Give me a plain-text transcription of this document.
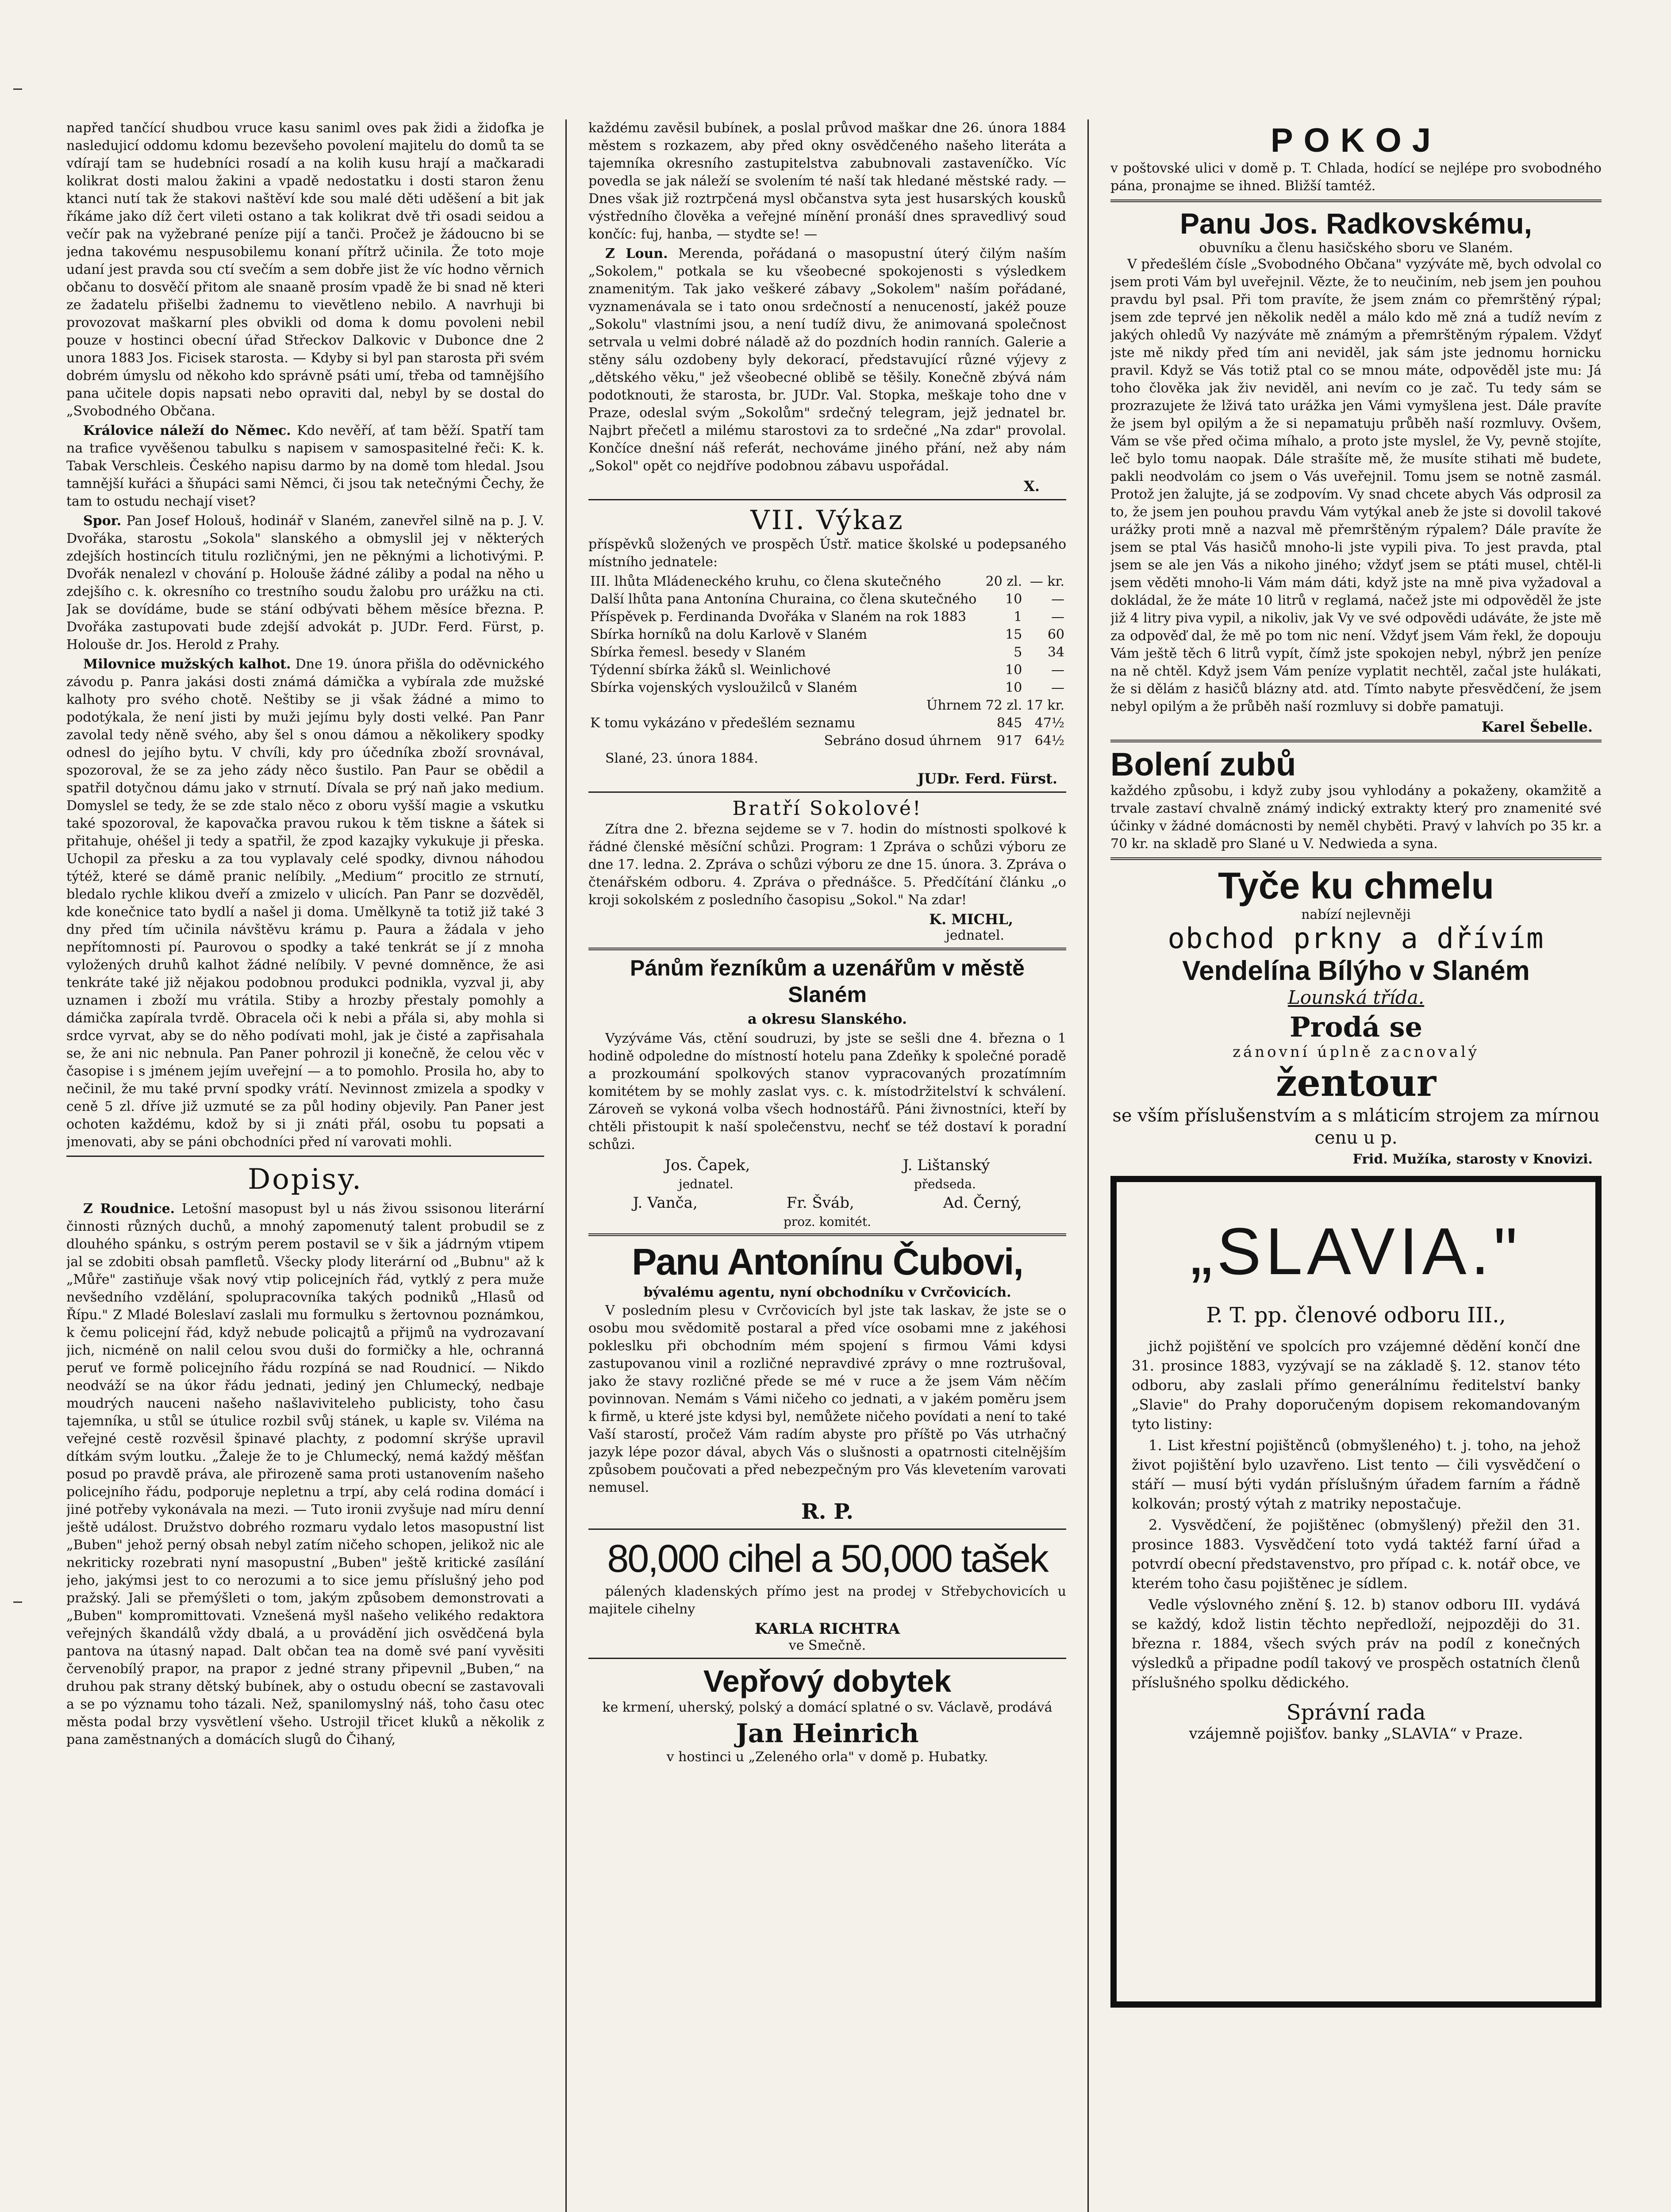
napřed tančící shudbou vruce kasu saniml oves pak židi a židofka je nasledujicí oddomu kdomu bezevšeho povolení majitelu do domů ta se vdírají tam se hudebníci rosadí a na kolih kusu hrají a mačkaradi kolikrat dosti malou žakini a vpadě nedostatku i dosti staron ženu ktanci nutí tak že stakovi naštěví kde sou malé děti uděšení a bit jak říkáme jako díž čert vileti ostano a tak kolikrat dvě tři osadi seidou a večír pak na vyžebrané peníze pijí a tanči. Pročež je žádoucno bi se jedna takovému nespusobilemu konaní přítrž učinila. Že toto moje udaní jest pravda sou ctí svečím a sem dobře jist že víc hodno věrnich občanu to dosvěčí přitom ale snaaně prosím vpadě že bi snad ně kteri ze žadatelu přišelbi žadnemu to vievětleno nebilo. A navrhuji bi provozovat maškarní ples obvikli od doma k domu povoleni nebil pouze v hostinci obecní úřad Střeckov Dalkovic v Dubonce dne 2 unora 1883 Jos. Ficisek starosta. — Kdyby si byl pan starosta při svém dobrém úmyslu od někoho kdo správně psáti umí, třeba od tamnějšího pana učitele dopis napsati nebo opraviti dal, nebyl by se dostal do „Svobodného Občana.

Královice náleží do Němec. Kdo nevěří, ať tam běží. Spatří tam na trafice vyvěšenou tabulku s napisem v samospasitelné řeči: K. k. Tabak Verschleis. Českého napisu darmo by na domě tom hledal. Jsou tamnější kuřáci a šňupáci sami Němci, či jsou tak netečnými Čechy, že tam to ostudu nechají viset?

Spor. Pan Josef Holouš, hodinář v Slaném, zanevřel silně na p. J. V. Dvořáka, starostu „Sokola" slanského a obmyslil jej v některých zdejších hostincích titulu rozličnými, jen ne pěknými a lichotivými. P. Dvořák nenalezl v chování p. Holouše žádné záliby a podal na něho u zdejšího c. k. okresního co trestního soudu žalobu pro urážku na cti. Jak se dovídáme, bude se stání odbývati během měsíce března. P. Dvořáka zastupovati bude zdejší advokát p. JUDr. Ferd. Fürst, p. Holouše dr. Jos. Herold z Prahy.

Milovnice mužských kalhot. Dne 19. února přišla do oděvnického závodu p. Panra jakási dosti známá dámička a vybírala zde mužské kalhoty pro svého chotě. Neštiby se ji však žádné a mimo to podotýkala, že není jisti by muži jejímu byly dosti velké. Pan Panr zavolal tedy něně svého, aby šel s onou dámou a několikery spodky odnesl do jejího bytu. V chvíli, kdy pro účedníka zboží srovnával, spozoroval, že se za jeho zády něco šustilo. Pan Paur se obědil a spatřil dotyčnou dámu jako v strnutí. Dívala se prý naň jako medium. Domyslel se tedy, že se zde stalo něco z oboru vyšší magie a vskutku také spozoroval, že kapovačka pravou rukou k těm tiskne a šátek si přitahuje, ohéšel ji tedy a spatřil, že zpod kazajky vykukuje ji přeska. Uchopil za přesku a za tou vyplavaly celé spodky, divnou náhodou týtéž, které se dámě pranic nelíbily. „Medium“ procitlo ze strnutí, bledalo rychle klikou dveří a zmizelo v ulicích. Pan Panr se dozvěděl, kde konečnice tato bydlí a našel ji doma. Umělkyně ta totiž již také 3 dny před tím učinila návštěvu krámu p. Paura a žádala v jeho nepřítomnosti pí. Paurovou o spodky a také tenkrát se jí z mnoha vyložených druhů kalhot žádné nelíbily. V pevné domněnce, že asi tenkráte také již nějakou podobnou produkci podnikla, vyzval ji, aby uznamen i zboží mu vrátila. Stiby a hrozby přestaly pomohly a dámička zapírala tvrdě. Obracela oči k nebi a přála si, aby mohla si srdce vyrvat, aby se do něho podívati mohl, jak je čisté a zapřisahala se, že ani nic nebnula. Pan Paner pohrozil ji konečně, že celou věc v časopise i s jménem jejím uveřejní — a to pomohlo. Prosila ho, aby to nečinil, že mu také první spodky vrátí. Nevinnost zmizela a spodky v ceně 5 zl. dříve již uzmuté se za půl hodiny objevily. Pan Paner jest ochoten každému, kdož by si ji znáti přál, osobu tu popsati a jmenovati, aby se páni obchodníci před ní varovati mohli.

Dopisy.

Z Roudnice. Letošní masopust byl u nás živou ssisonou literární činnosti různých duchů, a mnohý zapomenutý talent probudil se z dlouhého spánku, s ostrým perem postavil se v šik a jádrným vtipem jal se zdobiti obsah pamfletů. Všecky plody literární od „Bubnu" až k „Můře" zastiňuje však nový vtip policejních řád, vytklý z pera muže nevšedního vzdělání, spolupracovníka takých podniků „Hlasů od Řípu." Z Mladé Boleslaví zaslali mu formulku s žertovnou poznámkou, k čemu policejní řád, když nebude policajtů a přijmů na vydrozavaní jich, nicméně on nalil celou svou duši do formičky a hle, ochranná peruť ve formě policejního řádu rozpíná se nad Roudnicí. — Nikdo neodváží se na úkor řádu jednati, jediný jen Chlumecký, nedbaje moudrých nauceni našeho našlaviviteleho publicisty, toho času tajemníka, u stůl se útulice rozbil svůj stánek, u kaple sv. Viléma na veřejné cestě rozvěsil špinavé plachty, z podomní skrýše upravil dítkám svým loutku. „Žaleje že to je Chlumecký, nemá každý měšťan posud po pravdě práva, ale přirozeně sama proti ustanovením našeho policejního řádu, podporuje nepletnu a trpí, aby celá rodina domácí i jiné potřeby vykonávala na mezi. — Tuto ironii zvyšuje nad míru denní ještě událost. Družstvo dobrého rozmaru vydalo letos masopustní list „Buben" jehož perný obsah nebyl zatím ničeho schopen, jelikož nic ale nekriticky rozebrati nyní masopustní „Buben" ještě kritické zasílání jeho, jakýmsi jest to co nerozumi a to sice jemu příslušný jeho pod pražský. Jali se přemýšleti o tom, jakým způsobem demonstrovati a „Buben" kompromittovati. Vznešená myšl našeho velikého redaktora veřejných škandálů vždy dbalá, a u provádění jich osvědčená byla pantova na útasný napad. Dalt občan tea na domě své paní vyvěsiti červenobílý prapor, na prapor z jedné strany připevnil „Buben,“ na druhou pak strany dětský bubínek, aby o ostudu obecní se zastavovali a se po významu toho tázali. Než, spanilomyslný náš, toho času otec města podal brzy vysvětlení všeho. Ustrojil třicet kluků a několik z pana zaměstnaných a domácích slugů do Čihaný,

každému zavěsil bubínek, a poslal průvod maškar dne 26. února 1884 městem s rozkazem, aby před okny osvědčeného našeho literáta a tajemníka okresního zastupitelstva zabubnovali zastaveníčko. Víc povedla se jak náleží se svolením té naší tak hledané městské rady. — Dnes však již roztrpčená mysl občanstva syta jest husarských kousků výstředního člověka a veřejné mínění pronáší dnes spravedlivý soud končíc: fuj, hanba, — stydte se! —

Z Loun. Merenda, pořádaná o masopustní úterý čilým naším „Sokolem," potkala se ku všeobecné spokojenosti s výsledkem znamenitým. Tak jako veškeré zábavy „Sokolem" naším pořádané, vyznamenávala se i tato onou srdečností a nenuceností, jakéž pouze „Sokolu" vlastními jsou, a není tudíž divu, že animovaná společnost setrvala u velmi dobré náladě až do pozdních hodin ranních. Galerie a stěny sálu ozdobeny byly dekorací, představující různé výjevy z „dětského věku," jež všeobecné oblibě se těšily. Konečně zbývá nám podotknouti, že starosta, br. JUDr. Val. Stopka, meškaje toho dne v Praze, odeslal svým „Sokolům" srdečný telegram, jejž jednatel br. Najbrt přečetl a milému starostovi za to srdečné „Na zdar" provolal. Končíce dnešní náš referát, nechováme jiného přání, než aby nám „Sokol" opět co nejdříve podobnou zábavu uspořádal.

X.
VII. Výkaz

příspěvků složených ve prospěch Ústř. matice školské u podepsaného místního jednatele:

III. lhůta Mládeneckého kruhu, co člena skutečného	20 zl.	— kr.
Další lhůta pana Antonína Churaina, co člena skutečného	10	—
Příspěvek p. Ferdinanda Dvořáka v Slaném na rok 1883	1	—
Sbírka horníků na dolu Karlově v Slaném	15	60
Sbírka řemesl. besedy v Slaném	5	34
Týdenní sbírka žáků sl. Weinlichové	10	—
Sbírka vojenských vysloužilců v Slaném	10	—
Úhrnem	72 zl.	17 kr.
K tomu vykázáno v předešlém seznamu	845	47½
Sebráno dosud úhrnem	917	64½

Slané, 23. února 1884.

JUDr. Ferd. Fürst.
Bratří Sokolové!

Zítra dne 2. března sejdeme se v 7. hodin do místnosti spolkové k řádné členské měsíční schůzi. Program: 1 Zpráva o schůzi výboru ze dne 17. ledna. 2. Zpráva o schůzi výboru ze dne 15. února. 3. Zpráva o čtenářském odboru. 4. Zpráva o přednášce. 5. Předčítání článku „o kroji sokolském z posledního časopisu „Sokol." Na zdar!

K. MICHL,
jednatel.
Pánům řezníkům a uzenářům v městě Slaném
a okresu Slanského.

Vyzýváme Vás, ctění soudruzi, by jste se sešli dne 4. března o 1 hodině odpoledne do místností hotelu pana Zdeňky k společné poradě a prozkoumání spolkových stanov vypracovaných prozatímním komitétem by se mohly zaslat vys. c. k. místodržitelství k schválení. Zároveň se vykoná volba všech hodnostářů. Páni živnostníci, kteří by chtěli přistoupit k naší společenstvu, nechť se též dostaví k poradní schůzi.

Jos. Čapek,	J. Lištanský
jednatel.	předseda.
J. Vanča,	Fr. Šváb,	Ad. Černý,
proz. komitét.
Panu Antonínu Čubovi,
bývalému agentu, nyní obchodníku v Cvrčovicích.

V posledním plesu v Cvrčovicích byl jste tak laskav, že jste se o osobu mou svědomitě postaral a před více osobami mne z jakéhosi pokleslku při obchodním mém spojení s firmou Vámi kdysi zastupovanou vinil a rozličné nepravdivé zprávy o mne roztrušoval, jako že stavy rozličné přede se mé v ruce a že jsem Vám něčím povinnovan. Nemám s Vámi ničeho co jednati, a v jakém poměru jsem k firmě, u které jste kdysi byl, nemůžete ničeho povídati a není to také Vaší starostí, pročež Vám radím abyste pro příště po Vás utrhačný jazyk lépe pozor dával, abych Vás o slušnosti a opatrnosti citelnějším způsobem poučovati a před nebezpečným pro Vás klevetením varovati nemusel.

R. P.
80,000 cihel a 50,000 tašek

pálených kladenských přímo jest na prodej v Střebychovicích u majitele cihelny

KARLA RICHTRA
ve Smečně.
Vepřový dobytek

ke krmení, uherský, polský a domácí splatné o sv. Václavě, prodává

Jan Heinrich

v hostinci u „Zeleného orla" v domě p. Hubatky.

POKOJ

v poštovské ulici v domě p. T. Chlada, hodící se nejlépe pro svobodného pána, pronajme se ihned. Bližší tamtéž.

Panu Jos. Radkovskému,
obuvníku a členu hasičského sboru ve Slaném.

V předešlém čísle „Svobodného Občana" vyzýváte mě, bych odvolal co jsem proti Vám byl uveřejnil. Vězte, že to neučiním, neb jsem jen pouhou pravdu byl psal. Při tom pravíte, že jsem znám co přemrštěný rýpal; jsem zde teprvé jen několik neděl a málo kdo mě zná a tudíž nevím z jakých ohledů Vy nazýváte mě známým a přemrštěným rýpalem. Vždyť jste mě nikdy před tím ani neviděl, jak sám jste jednomu hornicku pravil. Když se Vás totiž ptal co se mnou máte, odpověděl jste mu: Já toho člověka jak živ neviděl, ani nevím co je zač. Tu tedy sám se prozrazujete že lživá tato urážka jen Vámi vymyšlena jest. Dále pravíte že jsem byl opilým a že si nepamatuju průběh naší rozmluvy. Ovšem, Vám se vše před očima míhalo, a proto jste myslel, že Vy, pevně stojíte, leč bylo tomu naopak. Dále strašíte mě, že musíte stihati mě budete, pakli neodvolám co jsem o Vás uveřejnil. Tomu jsem se notně zasmál. Protož jen žalujte, já se zodpovím. Vy snad chcete abych Vás odprosil za to, že jsem jen pouhou pravdu Vám vytýkal aneb že jste si dovolil takové urážky proti mně a nazval mě přemrštěným rýpalem? Dále pravíte že jsem se ptal Vás hasičů mnoho-li jste vypili piva. To jest pravda, ptal jsem se ale jen Vás a nikoho jiného; vždyť jsem se ptáti musel, chtěl-li jsem věděti mnoho-li Vám mám dáti, když jste na mně piva vyžadoval a dokládal, že že máte 10 litrů v reglamá, načež jste mi odpověděl že jste již 4 litry piva vypil, a nikoliv, jak Vy ve své odpovědi udáváte, že jste mě za odpověď dal, že mě po tom nic není. Vždyť jsem Vám řekl, že dopouju Vám ještě těch 6 litrů vypít, čímž jste spokojen nebyl, nýbrž jen peníze na ně chtěl. Když jsem Vám peníze vyplatit nechtěl, začal jste hulákati, že si dělám z hasičů blázny atd. atd. Tímto nabyte přesvědčení, že jsem nebyl opilým a že průběh naší rozmluvy si dobře pamatuji.

Karel Šebelle.
Bolení zubů

každého způsobu, i když zuby jsou vyhlodány a pokaženy, okamžitě a trvale zastaví chvalně známý indický extrakty který pro znamenité své účinky v žádné domácnosti by neměl chyběti. Pravý v lahvích po 35 kr. a 70 kr. na skladě pro Slané u V. Nedwieda a syna.

Tyče ku chmelu
nabízí nejlevněji
obchod prkny a dřívím
Vendelína Bílýho v Slaném
Lounská třída.
Prodá se
zánovní úplně zacnovalý
žentour
se vším příslušenstvím a s mláticím strojem za mírnou cenu u p.
Frid. Mužíka, starosty v Knovizi.
„SLAVIA."
P. T. pp. členové odboru III.,

jichž pojištění ve spolcích pro vzájemné dědění končí dne 31. prosince 1883, vyzývají se na základě §. 12. stanov této odboru, aby zaslali přímo generálnímu ředitelství banky „Slavie" do Prahy doporučeným dopisem rekomandovaným tyto listiny:

1. List křestní pojištěnců (obmyšleného) t. j. toho, na jehož život pojištění bylo uzavřeno. List tento — čili vysvědčení o stáří — musí býti vydán příslušným úřadem farním a řádně kolkován; prostý výtah z matriky nepostačuje.

2. Vysvědčení, že pojištěnec (obmyšlený) přežil den 31. prosince 1883. Vysvědčení toto vydá taktéž farní úřad a potvrdí obecní představenstvo, pro případ c. k. notář obce, ve kterém toho času pojištěnec je sídlem.

Vedle výslovného znění §. 12. b) stanov odboru III. vydává se každý, kdož listin těchto nepředloží, nejpozději do 31. března r. 1884, všech svých práv na podíl z konečných výsledků a připadne podíl takový ve prospěch ostatních členů příslušného spolku dědického.

Správní rada
vzájemně pojišťov. banky „SLAVIA“ v Praze.
